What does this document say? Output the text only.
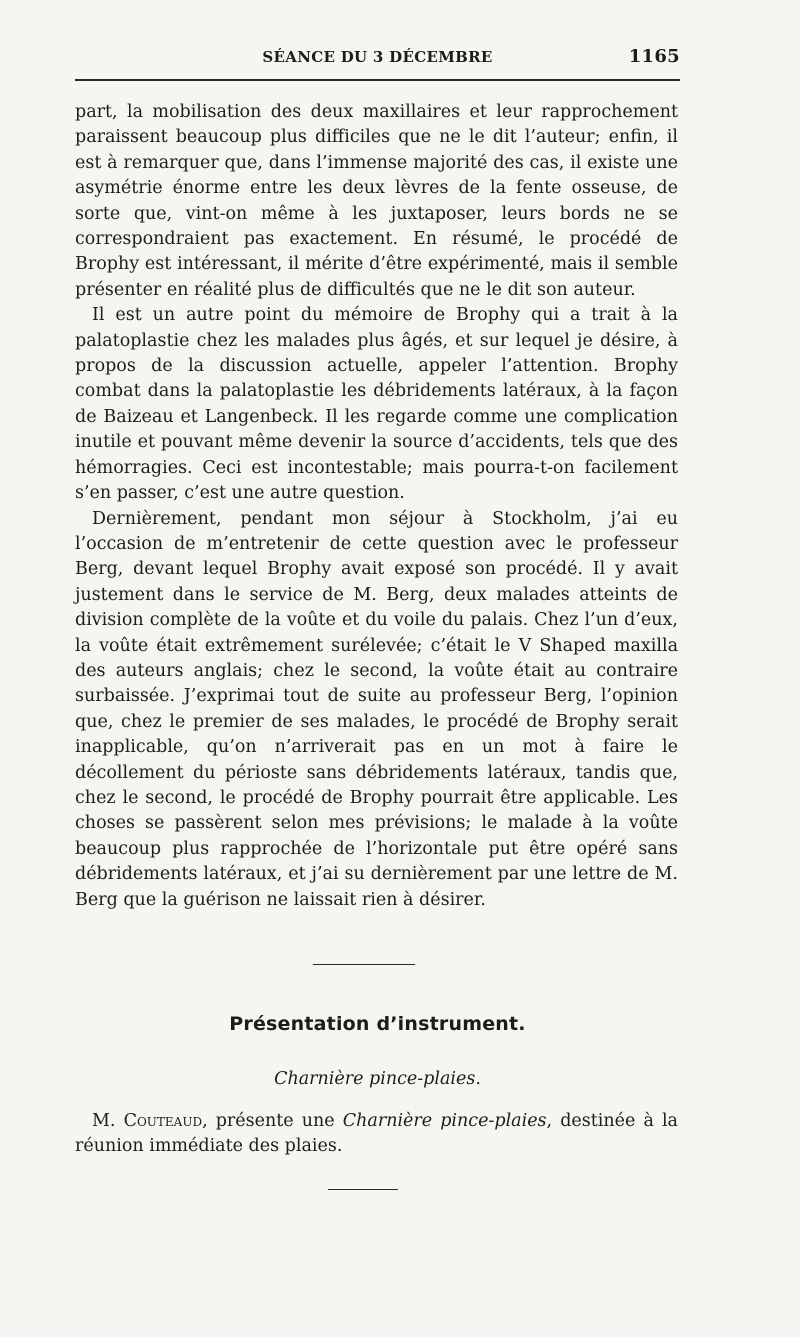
SÉANCE DU 3 DÉCEMBRE	1165

part, la mobilisation des deux maxillaires et leur rapprochement paraissent beaucoup plus difficiles que ne le dit l’auteur; enfin, il est à remarquer que, dans l’immense majorité des cas, il existe une asymétrie énorme entre les deux lèvres de la fente osseuse, de sorte que, vint-on même à les juxtaposer, leurs bords ne se correspondraient pas exactement. En résumé, le procédé de Brophy est intéressant, il mérite d’être expérimenté, mais il semble présenter en réalité plus de difficultés que ne le dit son auteur.

Il est un autre point du mémoire de Brophy qui a trait à la palatoplastie chez les malades plus âgés, et sur lequel je désire, à propos de la discussion actuelle, appeler l’attention. Brophy combat dans la palatoplastie les débridements latéraux, à la façon de Baizeau et Langenbeck. Il les regarde comme une complication inutile et pouvant même devenir la source d’accidents, tels que des hémorragies. Ceci est incontestable; mais pourra-t-on facilement s’en passer, c’est une autre question.

Dernièrement, pendant mon séjour à Stockholm, j’ai eu l’occasion de m’entretenir de cette question avec le professeur Berg, devant lequel Brophy avait exposé son procédé. Il y avait justement dans le service de M. Berg, deux malades atteints de division complète de la voûte et du voile du palais. Chez l’un d’eux, la voûte était extrêmement surélevée; c’était le V Shaped maxilla des auteurs anglais; chez le second, la voûte était au contraire surbaissée. J’exprimai tout de suite au professeur Berg, l’opinion que, chez le premier de ses malades, le procédé de Brophy serait inapplicable, qu’on n’arriverait pas en un mot à faire le décollement du périoste sans débridements latéraux, tandis que, chez le second, le procédé de Brophy pourrait être applicable. Les choses se passèrent selon mes prévisions; le malade à la voûte beaucoup plus rapprochée de l’horizontale put être opéré sans débridements latéraux, et j’ai su dernièrement par une lettre de M. Berg que la guérison ne laissait rien à désirer.

Présentation d’instrument.
Charnière pince-plaies.

M. Couteaud, présente une Charnière pince-plaies, destinée à la réunion immédiate des plaies.
